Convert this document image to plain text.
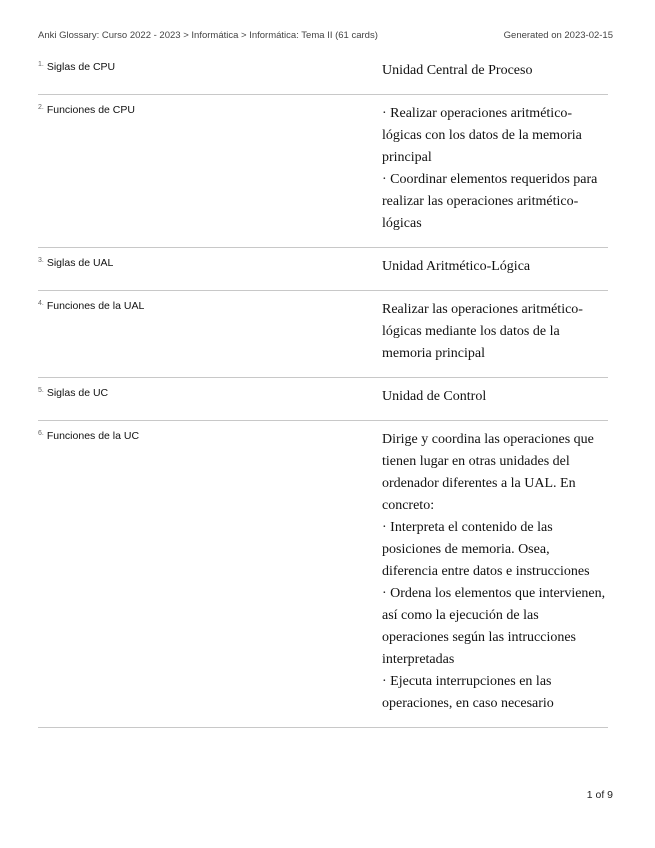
Anki Glossary: Curso 2022 - 2023 > Informática > Informática: Tema II (61 cards)	Generated on 2023-02-15
1. Siglas de CPU	Unidad Central de Proceso
2. Funciones de CPU	· Realizar operaciones aritmético-lógicas con los datos de la memoria principal
· Coordinar elementos requeridos para realizar las operaciones aritmético-lógicas
3. Siglas de UAL	Unidad Aritmético-Lógica
4. Funciones de la UAL	Realizar las operaciones aritmético-lógicas mediante los datos de la memoria principal
5. Siglas de UC	Unidad de Control
6. Funciones de la UC	Dirige y coordina las operaciones que tienen lugar en otras unidades del ordenador diferentes a la UAL. En concreto:
· Interpreta el contenido de las posiciones de memoria. Osea, diferencia entre datos e instrucciones
· Ordena los elementos que intervienen, así como la ejecución de las operaciones según las intrucciones interpretadas
· Ejecuta interrupciones en las operaciones, en caso necesario
1 of 9
